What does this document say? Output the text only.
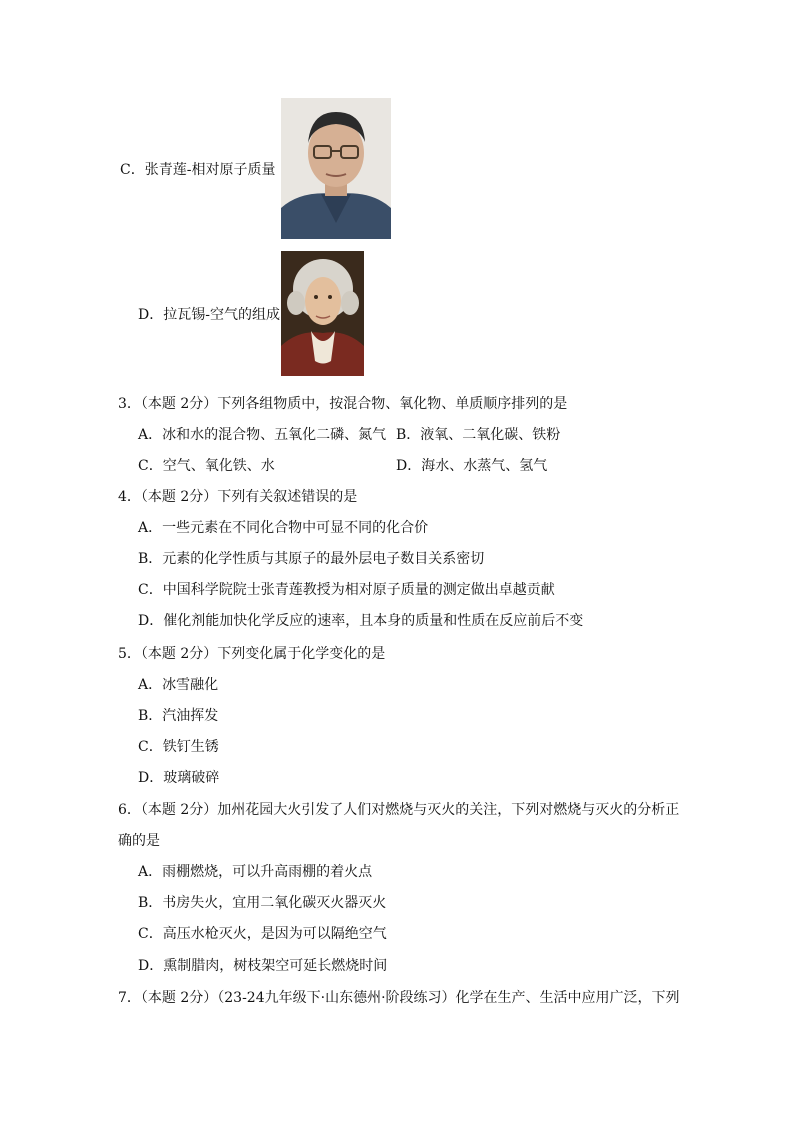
C．张青莲-相对原子质量
D．拉瓦锡-空气的组成
3．（本题 2分）下列各组物质中，按混合物、氧化物、单质顺序排列的是
A．冰和水的混合物、五氧化二磷、氮气 B．液氧、二氧化碳、铁粉
C．空气、氧化铁、水	D．海水、水蒸气、氢气
4．（本题 2分）下列有关叙述错误的是
A．一些元素在不同化合物中可显不同的化合价
B．元素的化学性质与其原子的最外层电子数目关系密切
C．中国科学院院士张青莲教授为相对原子质量的测定做出卓越贡献
D．催化剂能加快化学反应的速率，且本身的质量和性质在反应前后不变
5．（本题 2分）下列变化属于化学变化的是
A．冰雪融化
B．汽油挥发
C．铁钉生锈
D．玻璃破碎
6．（本题 2分）加州花园大火引发了人们对燃烧与灭火的关注，下列对燃烧与灭火的分析正
确的是
A．雨棚燃烧，可以升高雨棚的着火点
B．书房失火，宜用二氧化碳灭火器灭火
C．高压水枪灭火，是因为可以隔绝空气
D．熏制腊肉，树枝架空可延长燃烧时间
7．（本题 2分）（23-24九年级下·山东德州·阶段练习）化学在生产、生活中应用广泛，下列
